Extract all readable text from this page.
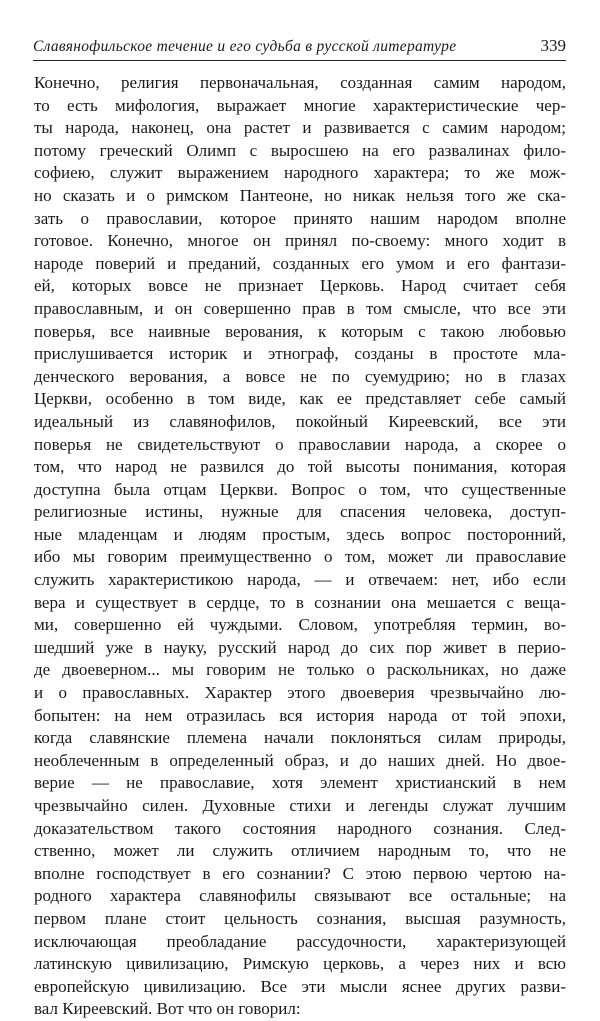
Славянофильское течение и его судьба в русской литературе	339
Конечно, религия первоначальная, созданная самим народом,
то есть мифология, выражает многие характеристические чер-
ты народа, наконец, она растет и развивается с самим народом;
потому греческий Олимп с выросшею на его развалинах фило-
софиею, служит выражением народного характера; то же мож-
но сказать и о римском Пантеоне, но никак нельзя того же ска-
зать о православии, которое принято нашим народом вполне
готовое. Конечно, многое он принял по-своему: много ходит в
народе поверий и преданий, созданных его умом и его фантази-
ей, которых вовсе не признает Церковь. Народ считает себя
православным, и он совершенно прав в том смысле, что все эти
поверья, все наивные верования, к которым с такою любовью
прислушивается историк и этнограф, созданы в простоте мла-
денческого верования, а вовсе не по суемудрию; но в глазах
Церкви, особенно в том виде, как ее представляет себе самый
идеальный из славянофилов, покойный Киреевский, все эти
поверья не свидетельствуют о православии народа, а скорее о
том, что народ не развился до той высоты понимания, которая
доступна была отцам Церкви. Вопрос о том, что существенные
религиозные истины, нужные для спасения человека, доступ-
ные младенцам и людям простым, здесь вопрос посторонний,
ибо мы говорим преимущественно о том, может ли православие
служить характеристикою народа, — и отвечаем: нет, ибо если
вера и существует в сердце, то в сознании она мешается с веща-
ми, совершенно ей чуждыми. Словом, употребляя термин, во-
шедший уже в науку, русский народ до сих пор живет в перио-
де двоеверном... мы говорим не только о раскольниках, но даже
и о православных. Характер этого двоеверия чрезвычайно лю-
бопытен: на нем отразилась вся история народа от той эпохи,
когда славянские племена начали поклоняться силам природы,
необлеченным в определенный образ, и до наших дней. Но двое-
верие — не православие, хотя элемент христианский в нем
чрезвычайно силен. Духовные стихи и легенды служат лучшим
доказательством такого состояния народного сознания. След-
ственно, может ли служить отличием народным то, что не
вполне господствует в его сознании? С этою первою чертою на-
родного характера славянофилы связывают все остальные; на
первом плане стоит цельность сознания, высшая разумность,
исключающая преобладание рассудочности, характеризующей
латинскую цивилизацию, Римскую церковь, а через них и всю
европейскую цивилизацию. Все эти мысли яснее других разви-
вал Киреевский. Вот что он говорил:
